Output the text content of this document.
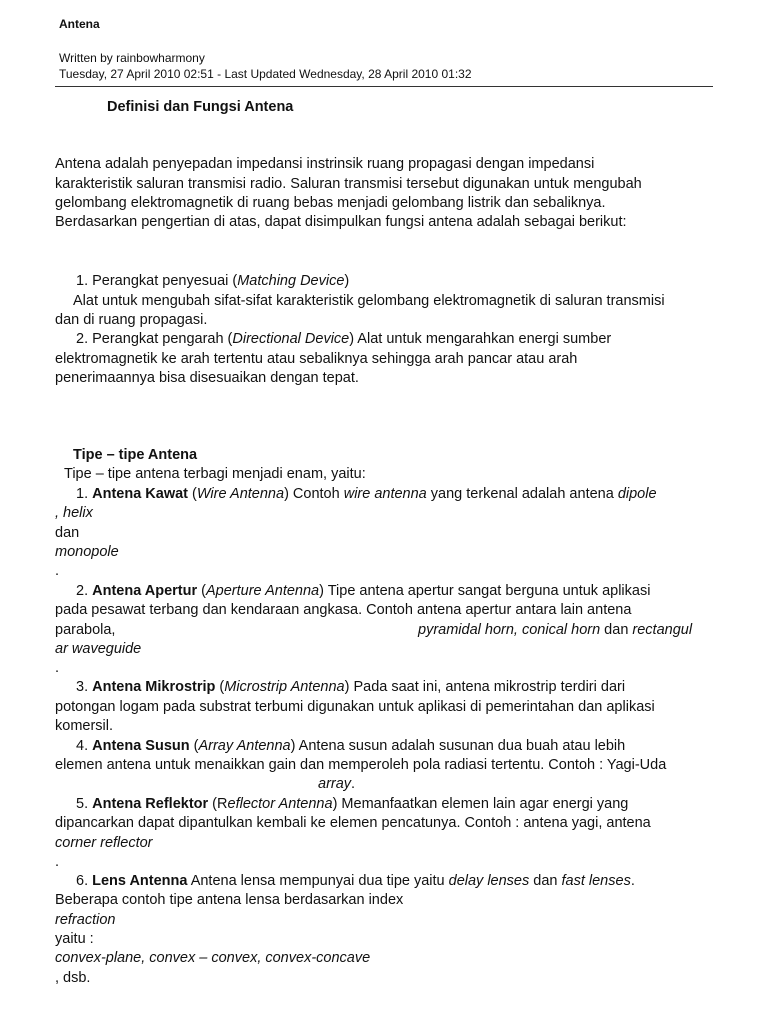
Antena
Written by rainbowharmony
Tuesday, 27 April 2010 02:51 - Last Updated Wednesday, 28 April 2010 01:32
Definisi dan Fungsi Antena
Antena adalah penyepadan impedansi instrinsik ruang propagasi dengan impedansi
karakteristik saluran transmisi radio. Saluran transmisi tersebut digunakan untuk mengubah
gelombang elektromagnetik di ruang bebas menjadi gelombang listrik dan sebaliknya.
Berdasarkan pengertian di atas, dapat disimpulkan fungsi antena adalah sebagai berikut:
1. Perangkat penyesuai (Matching Device)
Alat untuk mengubah sifat-sifat karakteristik gelombang elektromagnetik di saluran transmisi
dan di ruang propagasi.
2. Perangkat pengarah (Directional Device) Alat untuk mengarahkan energi sumber
elektromagnetik ke arah tertentu atau sebaliknya sehingga arah pancar atau arah
penerimaannya bisa disesuaikan dengan tepat.
Tipe – tipe Antena
Tipe – tipe antena terbagi menjadi enam, yaitu:
1. Antena Kawat (Wire Antenna) Contoh wire antenna yang terkenal adalah antena dipole
, helix
dan
monopole
.
2. Antena Apertur (Aperture Antenna) Tipe antena apertur sangat berguna untuk aplikasi
pada pesawat terbang dan kendaraan angkasa. Contoh antena apertur antara lain antena
parabola,	pyramidal horn, conical horn dan rectangul
ar waveguide
.
3. Antena Mikrostrip (Microstrip Antenna) Pada saat ini, antena mikrostrip terdiri dari
potongan logam pada substrat terbumi digunakan untuk aplikasi di pemerintahan dan aplikasi
komersil.
4. Antena Susun (Array Antenna) Antena susun adalah susunan dua buah atau lebih
elemen antena untuk menaikkan gain dan memperoleh pola radiasi tertentu. Contoh : Yagi-Uda
array.
5. Antena Reflektor (Reflector Antenna) Memanfaatkan elemen lain agar energi yang
dipancarkan dapat dipantulkan kembali ke elemen pencatunya. Contoh : antena yagi, antena
corner reflector
.
6. Lens Antenna Antena lensa mempunyai dua tipe yaitu delay lenses dan fast lenses.
Beberapa contoh tipe antena lensa berdasarkan index
refraction
yaitu :
convex-plane, convex – convex, convex-concave
, dsb.
